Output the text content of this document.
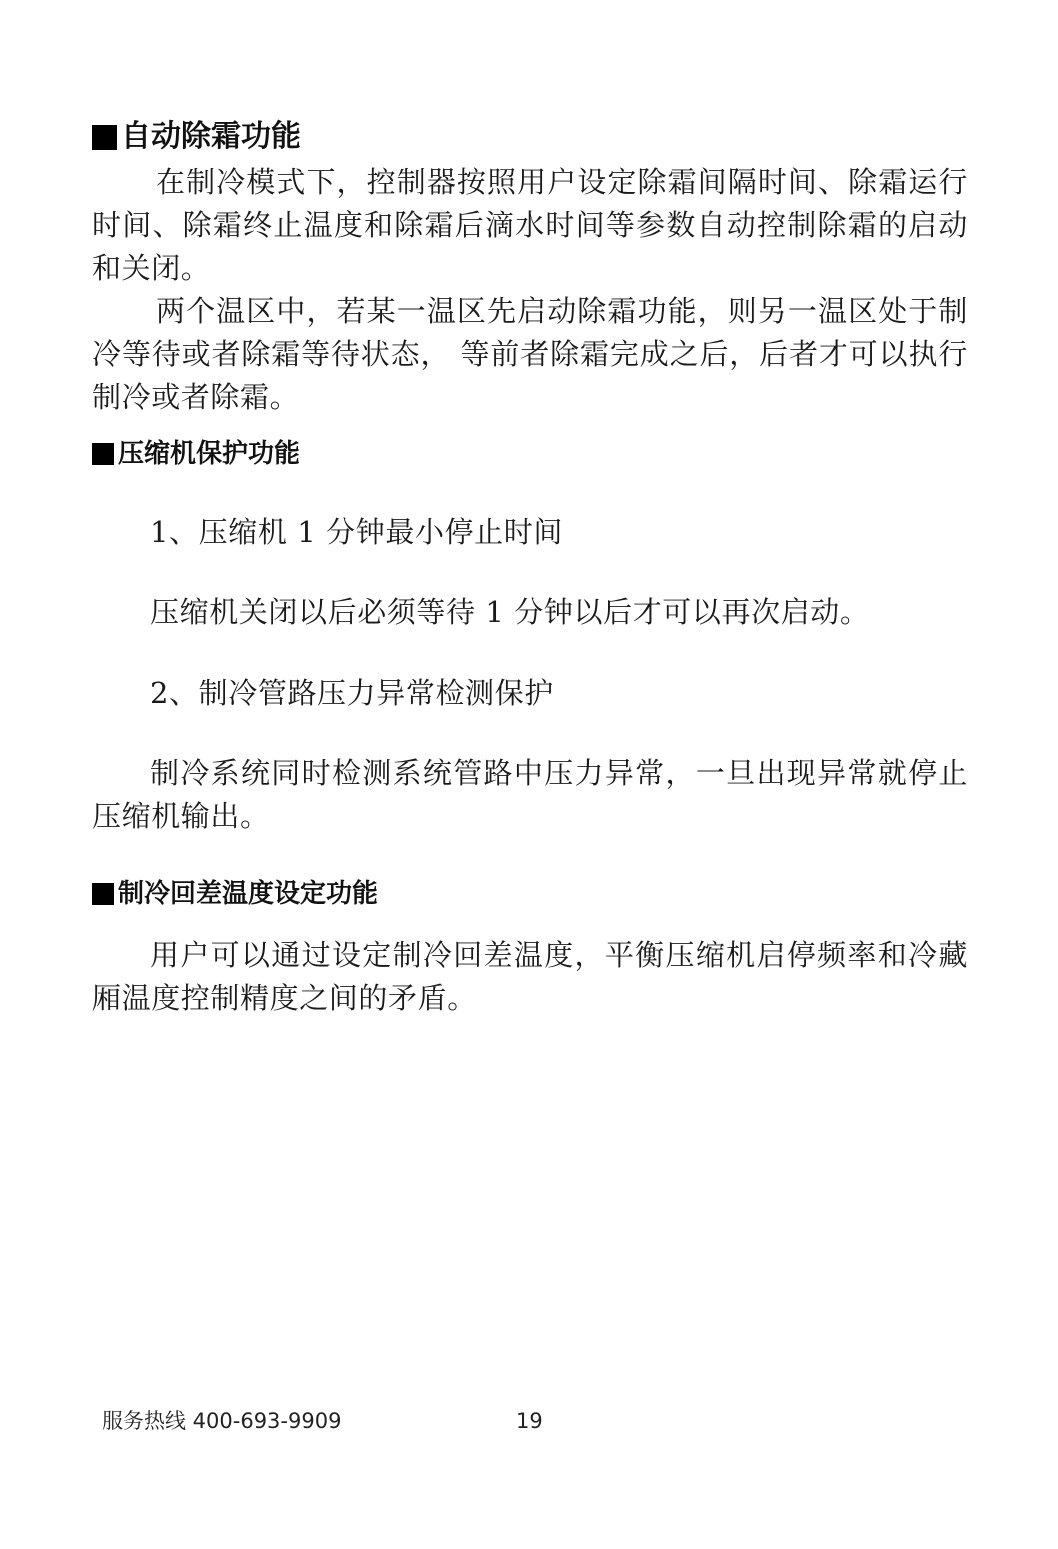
自动除霜功能

在制冷模式下，控制器按照用户设定除霜间隔时间、除霜运行时间、除霜终止温度和除霜后滴水时间等参数自动控制除霜的启动和关闭。

两个温区中，若某一温区先启动除霜功能，则另一温区处于制冷等待或者除霜等待状态， 等前者除霜完成之后，后者才可以执行制冷或者除霜。

压缩机保护功能

1、压缩机 1 分钟最小停止时间

压缩机关闭以后必须等待 1 分钟以后才可以再次启动。

2、制冷管路压力异常检测保护

制冷系统同时检测系统管路中压力异常，一旦出现异常就停止压缩机输出。

制冷回差温度设定功能

用户可以通过设定制冷回差温度，平衡压缩机启停频率和冷藏厢温度控制精度之间的矛盾。

服务热线 400-693-9909	19
